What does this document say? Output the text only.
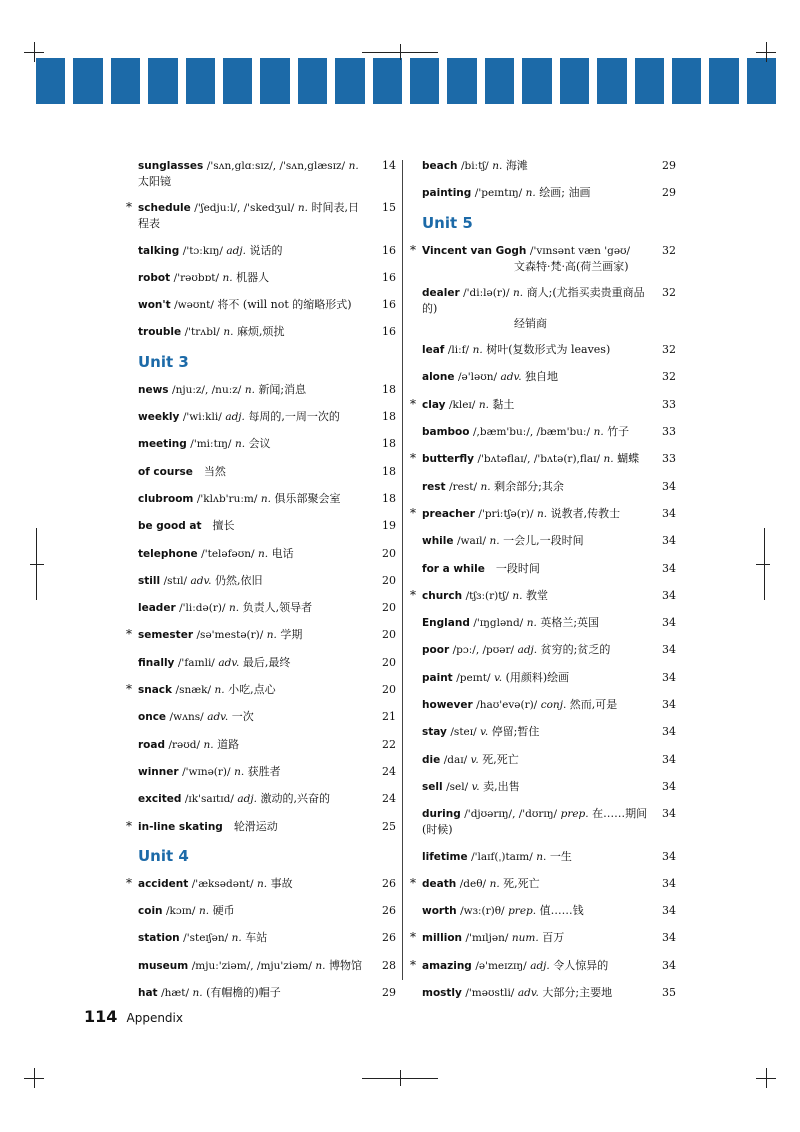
sunglasses /'sʌn,glɑːsɪz/, /'sʌn,glæsɪz/ n. 太阳镜
14
* schedule /'ʃedjuːl/, /'skedʒul/ n. 时间表,日程表
15
talking /'tɔːkɪŋ/ adj. 说话的	16
robot /'rəʊbɒt/ n. 机器人	16
won't /wəʊnt/ 将不 (will not 的缩略形式)	16
trouble /'trʌbl/ n. 麻烦,烦扰	16
Unit 3
news /njuːz/, /nuːz/ n. 新闻;消息	18
weekly /'wiːkli/ adj. 每周的,一周一次的	18
meeting /'miːtɪŋ/ n. 会议	18
of course  当然	18
clubroom /'klʌb'ruːm/ n. 俱乐部聚会室	18
be good at  擅长	19
telephone /'teləfəʊn/ n. 电话	20
still /stɪl/ adv. 仍然,依旧	20
leader /'liːdə(r)/ n. 负责人,领导者	20
* semester /sə'mestə(r)/ n. 学期	20
finally /'faɪnli/ adv. 最后,最终	20
* snack /snæk/ n. 小吃,点心	20
once /wʌns/ adv. 一次	21
road /rəʊd/ n. 道路	22
winner /'wɪnə(r)/ n. 获胜者	24
excited /ɪk'saɪtɪd/ adj. 激动的,兴奋的	24
* in-line skating  轮滑运动	25
Unit 4
* accident /'æksədənt/ n. 事故	26
coin /kɔɪn/ n. 硬币	26
station /'steɪʃən/ n. 车站	26
museum /mjuː'ziəm/, /mju'ziəm/ n. 博物馆 28
hat /hæt/ n. (有帽檐的)帽子	29
beach /biːtʃ/ n. 海滩	29
painting /'peɪntɪŋ/ n. 绘画; 油画	29
Unit 5
* Vincent van Gogh /'vɪnsənt væn 'gəʊ/
文森特·梵·高(荷兰画家)
32
dealer /'diːlə(r)/ n. 商人;(尤指买卖贵重商品的)
经销商
32
leaf /liːf/ n. 树叶(复数形式为 leaves)	32
alone /ə'ləʊn/ adv. 独自地	32
* clay /kleɪ/ n. 黏土	33
bamboo /,bæm'buː/, /bæm'buː/ n. 竹子	33
* butterfly /'bʌtəflaɪ/, /'bʌtə(r),flaɪ/ n. 蝴蝶 33
rest /rest/ n. 剩余部分;其余	34
* preacher /'priːtʃə(r)/ n. 说教者,传教士	34
while /waɪl/ n. 一会儿,一段时间	34
for a while  一段时间	34
* church /tʃɜː(r)tʃ/ n. 教堂	34
England /'ɪŋglənd/ n. 英格兰;英国	34
poor /pɔː/, /pʊər/ adj. 贫穷的;贫乏的	34
paint /peɪnt/ v. (用颜料)绘画	34
however /haʊ'evə(r)/ conj. 然而,可是	34
stay /steɪ/ v. 停留;暂住	34
die /daɪ/ v. 死,死亡	34
sell /sel/ v. 卖,出售	34
during /'djʊərɪŋ/, /'dʊrɪŋ/ prep. 在……期间(时候)
34
lifetime /'laɪf(ˌ)taɪm/ n. 一生	34
* death /deθ/ n. 死,死亡	34
worth /wɜː(r)θ/ prep. 值……钱	34
* million /'mɪljən/ num. 百万	34
* amazing /ə'meɪzɪŋ/ adj. 令人惊异的	34
mostly /'məʊstli/ adv. 大部分;主要地	35
114 Appendix
